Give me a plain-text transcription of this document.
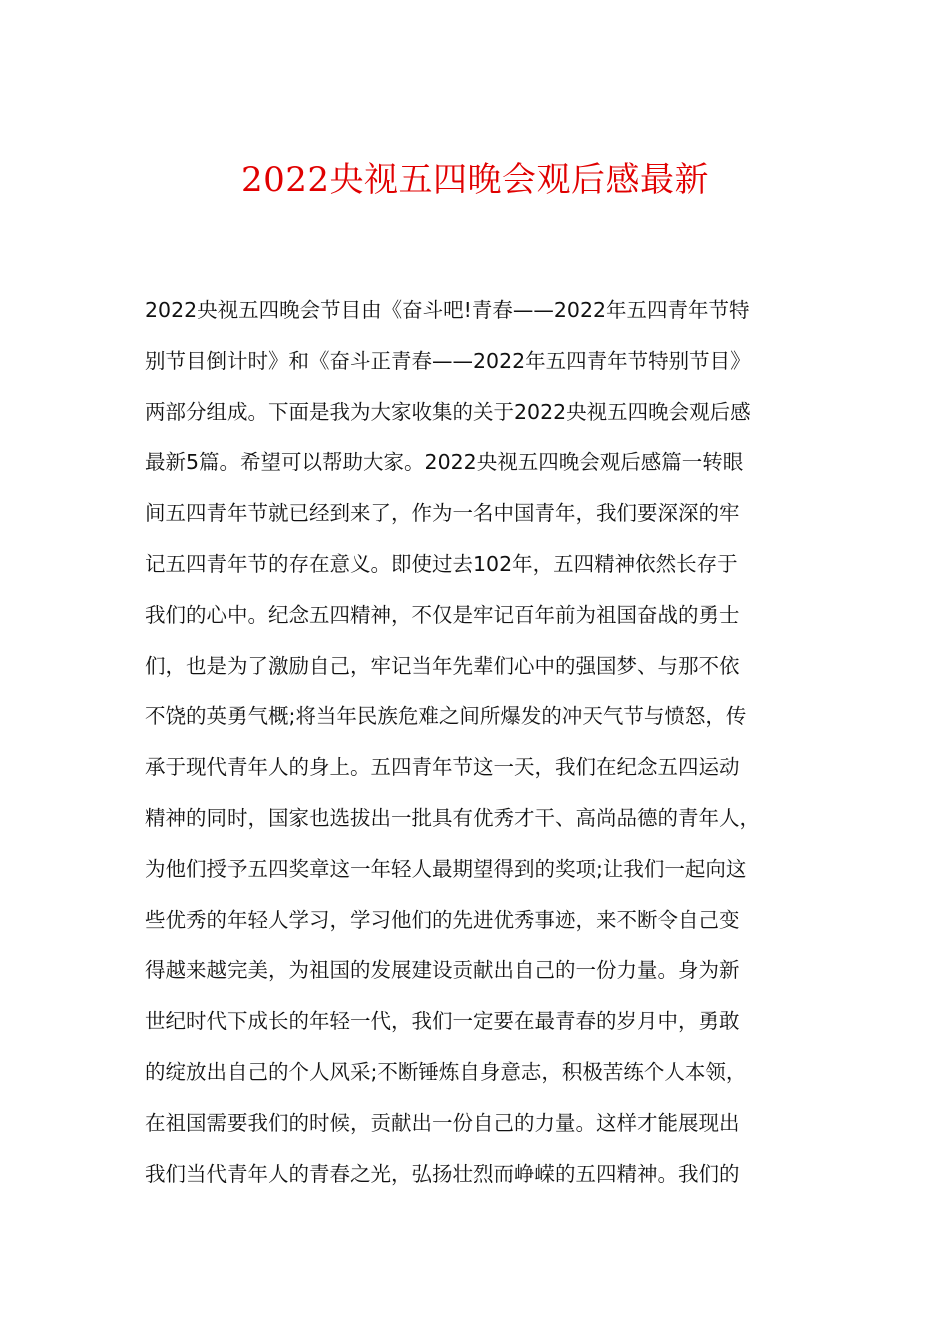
2022央视五四晚会观后感最新
2022央视五四晚会节目由《奋斗吧!青春——2022年五四青年节特
别节目倒计时》和《奋斗正青春——2022年五四青年节特别节目》
两部分组成。下面是我为大家收集的关于2022央视五四晚会观后感
最新5篇。希望可以帮助大家。2022央视五四晚会观后感篇一转眼
间五四青年节就已经到来了，作为一名中国青年，我们要深深的牢
记五四青年节的存在意义。即使过去102年，五四精神依然长存于
我们的心中。纪念五四精神，不仅是牢记百年前为祖国奋战的勇士
们，也是为了激励自己，牢记当年先辈们心中的强国梦、与那不依
不饶的英勇气概;将当年民族危难之间所爆发的冲天气节与愤怒，传
承于现代青年人的身上。五四青年节这一天，我们在纪念五四运动
精神的同时，国家也选拔出一批具有优秀才干、高尚品德的青年人，
为他们授予五四奖章这一年轻人最期望得到的奖项;让我们一起向这
些优秀的年轻人学习，学习他们的先进优秀事迹，来不断令自己变
得越来越完美，为祖国的发展建设贡献出自己的一份力量。身为新
世纪时代下成长的年轻一代，我们一定要在最青春的岁月中，勇敢
的绽放出自己的个人风采;不断锤炼自身意志，积极苦练个人本领，
在祖国需要我们的时候，贡献出一份自己的力量。这样才能展现出
我们当代青年人的青春之光，弘扬壮烈而峥嵘的五四精神。我们的
